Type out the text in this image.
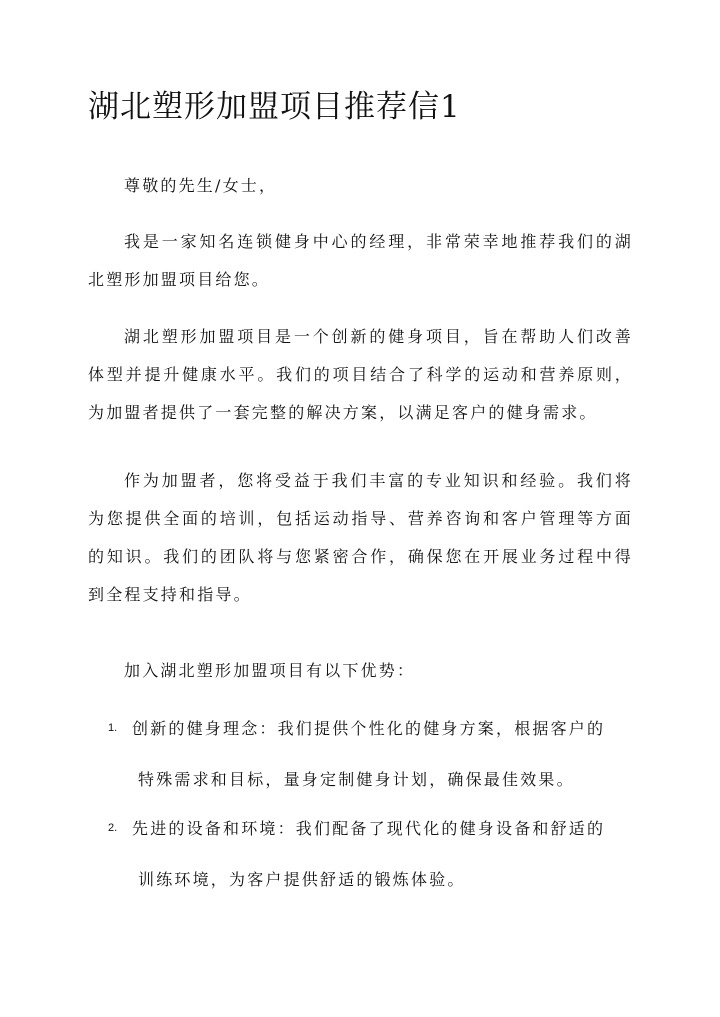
湖北塑形加盟项目推荐信1

尊敬的先生/女士，

我是一家知名连锁健身中心的经理，非常荣幸地推荐我们的湖北塑形加盟项目给您。

湖北塑形加盟项目是一个创新的健身项目，旨在帮助人们改善体型并提升健康水平。我们的项目结合了科学的运动和营养原则，为加盟者提供了一套完整的解决方案，以满足客户的健身需求。

作为加盟者，您将受益于我们丰富的专业知识和经验。我们将为您提供全面的培训，包括运动指导、营养咨询和客户管理等方面的知识。我们的团队将与您紧密合作，确保您在开展业务过程中得到全程支持和指导。

加入湖北塑形加盟项目有以下优势：

1. 创新的健身理念：我们提供个性化的健身方案，根据客户的
特殊需求和目标，量身定制健身计划，确保最佳效果。
2. 先进的设备和环境：我们配备了现代化的健身设备和舒适的
训练环境，为客户提供舒适的锻炼体验。
